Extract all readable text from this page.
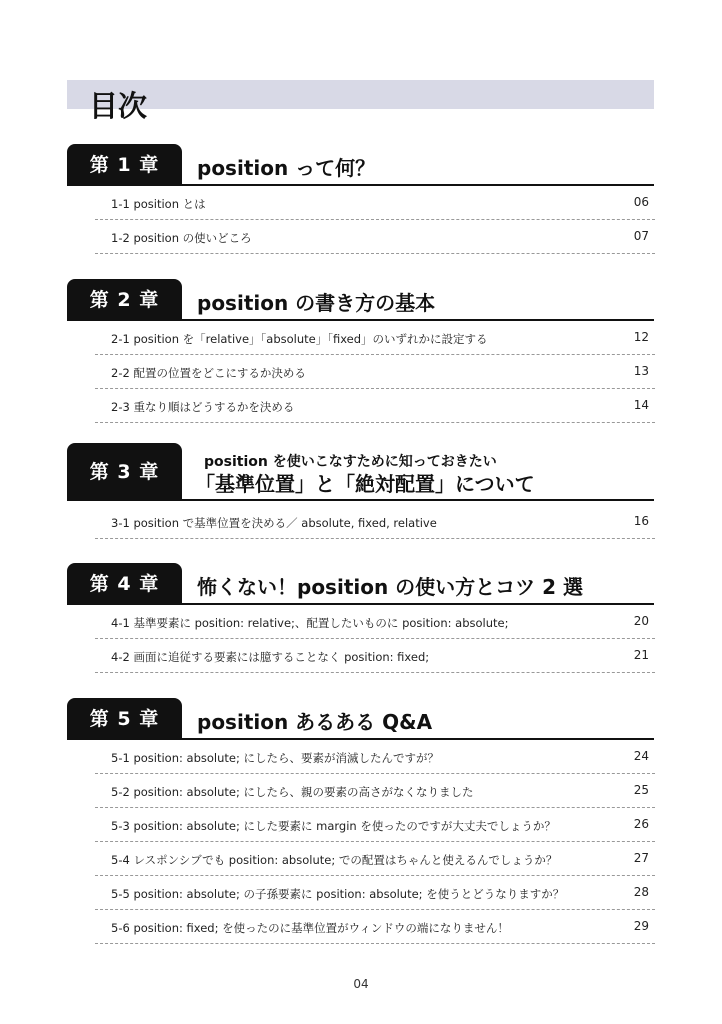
目次
第 1 章	position って何？
1-1 position とは	06
1-2 position の使いどころ	07
第 2 章	position の書き方の基本
2-1 position を「relative」「absolute」「fixed」のいずれかに設定する	12
2-2 配置の位置をどこにするか決める	13
2-3 重なり順はどうするかを決める	14
第 3 章	position を使いこなすために知っておきたい
「基準位置」と「絶対配置」について
3-1 position で基準位置を決める／ absolute, fixed, relative	16
第 4 章	怖くない！position の使い方とコツ 2 選
4-1 基準要素に position: relative;、配置したいものに position: absolute;	20
4-2 画面に追従する要素には臆することなく position: fixed;	21
第 5 章	position あるある Q&A
5-1 position: absolute; にしたら、要素が消滅したんですが？	24
5-2 position: absolute; にしたら、親の要素の高さがなくなりました	25
5-3 position: absolute; にした要素に margin を使ったのですが大丈夫でしょうか？	26
5-4 レスポンシブでも position: absolute; での配置はちゃんと使えるんでしょうか？	27
5-5 position: absolute; の子孫要素に position: absolute; を使うとどうなりますか？	28
5-6 position: fixed; を使ったのに基準位置がウィンドウの端になりません！	29
04
